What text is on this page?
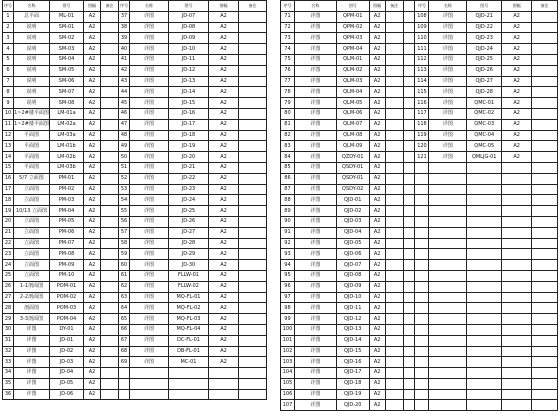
序号	名称	图号	图幅	备注	序号	名称	图号	图幅	备注
1	总平面	ML-01	A2		37	详图	JD-07	A2	
2	说明	SM-01	A2		38	详图	JD-08	A2	
3	说明	SM-02	A2		39	详图	JD-09	A2	
4	说明	SM-03	A2		40	详图	JD-10	A2	
5	说明	SM-04	A2		41	详图	JD-11	A2	
6	说明	SM-05	A2		42	详图	JD-12	A2	
7	说明	SM-06	A2		43	详图	JD-13	A2	
8	说明	SM-07	A2		44	详图	JD-14	A2	
9	说明	SM-08	A2		45	详图	JD-15	A2	
10	1~2#楼平面图	LM-01a	A2		46	详图	JD-16	A2	
11	1~2#楼平面图	LM-02a	A2		47	详图	JD-17	A2	
12	平面图	LM-03a	A2		48	详图	JD-18	A2	
13	平面图	LM-01b	A2		49	详图	JD-19	A2	
14	平面图	LM-02b	A2		50	详图	JD-20	A2	
15	平面图	LM-03b	A2		51	详图	JD-21	A2	
16	5/7 立面图	PM-01	A2		52	详图	JD-22	A2	
17	立面图	PM-02	A2		53	详图	JD-23	A2	
18	立面图	PM-03	A2		54	详图	JD-24	A2	
19	10/13 立面图	PM-04	A2		55	详图	JD-25	A2	
20	立面图	PM-05	A2		56	详图	JD-26	A2	
21	立面图	PM-06	A2		57	详图	JD-27	A2	
22	立面图	PM-07	A2		58	详图	JD-28	A2	
23	立面图	PM-08	A2		59	详图	JD-29	A2	
24	立面图	PM-09	A2		60	详图	JD-30	A2	
25	立面图	PM-10	A2		61	详图	FLLW-01	A2	
26	1-1剖面图	POM-01	A2		62	详图	FLLW-02	A2	
27	2-2剖面图	POM-02	A2		63	详图	MQ-FL-01	A2	
28	剖面图	POM-03	A2		64	详图	MQ-FL-02	A2	
29	3-3剖面图	POM-04	A2		65	详图	MQ-FL-03	A2	
30	详图	DY-01	A2		66	详图	MQ-FL-04	A2	
31	详图	JD-01	A2		67	详图	DC-FL-01	A2	
32	详图	JD-02	A2		68	详图	DB-FL-01	A2	
33	详图	JD-03	A2		69	详图	MC-01	A2	
34	详图	JD-04	A2						
35	详图	JD-05	A2						
36	详图	JD-06	A2						
序号	名称	图号	图幅	备注		序号	名称	图号	图幅	备注
71	详图	QPM-01	A2			108	详图	QJD-21	A2	
72	详图	QPM-02	A2			109	详图	QJD-22	A2	
73	详图	QPM-03	A2			110	详图	QJD-23	A2	
74	详图	QPM-04	A2			111	详图	QJD-24	A2	
75	详图	QLM-01	A2			112	详图	QJD-25	A2	
76	详图	QLM-02	A2			113	详图	QJD-26	A2	
77	详图	QLM-03	A2			114	详图	QJD-27	A2	
78	详图	QLM-04	A2			115	详图	QJD-28	A2	
79	详图	QLM-05	A2			116	详图	QMC-01	A2	
80	详图	QLM-06	A2			117	详图	QMC-02	A2	
81	详图	QLM-07	A2			118	详图	QMC-03	A2	
82	详图	QLM-08	A2			119	详图	QMC-04	A2	
83	详图	QLM-09	A2			120	详图	QMC-05	A2	
84	详图	QZDY-01	A2			121	详图	QMLJG-01	A2	
85	详图	QSDY-01	A2							
86	详图	QSDY-01	A2							
87	详图	QSDY-02	A2							
88	详图	QJD-01	A2							
89	详图	QJD-02	A2							
90	详图	QJD-03	A2							
91	详图	QJD-04	A2							
92	详图	QJD-05	A2							
93	详图	QJD-06	A2							
94	详图	QJD-07	A2							
95	详图	QJD-08	A2							
96	详图	QJD-09	A2							
97	详图	QJD-10	A2							
98	详图	QJD-11	A2							
99	详图	QJD-12	A2							
100	详图	QJD-13	A2							
101	详图	QJD-14	A2							
102	详图	QJD-15	A2							
103	详图	QJD-16	A2							
104	详图	QJD-17	A2							
105	详图	QJD-18	A2							
106	详图	QJD-19	A2							
107	详图	QJD-20	A2							
